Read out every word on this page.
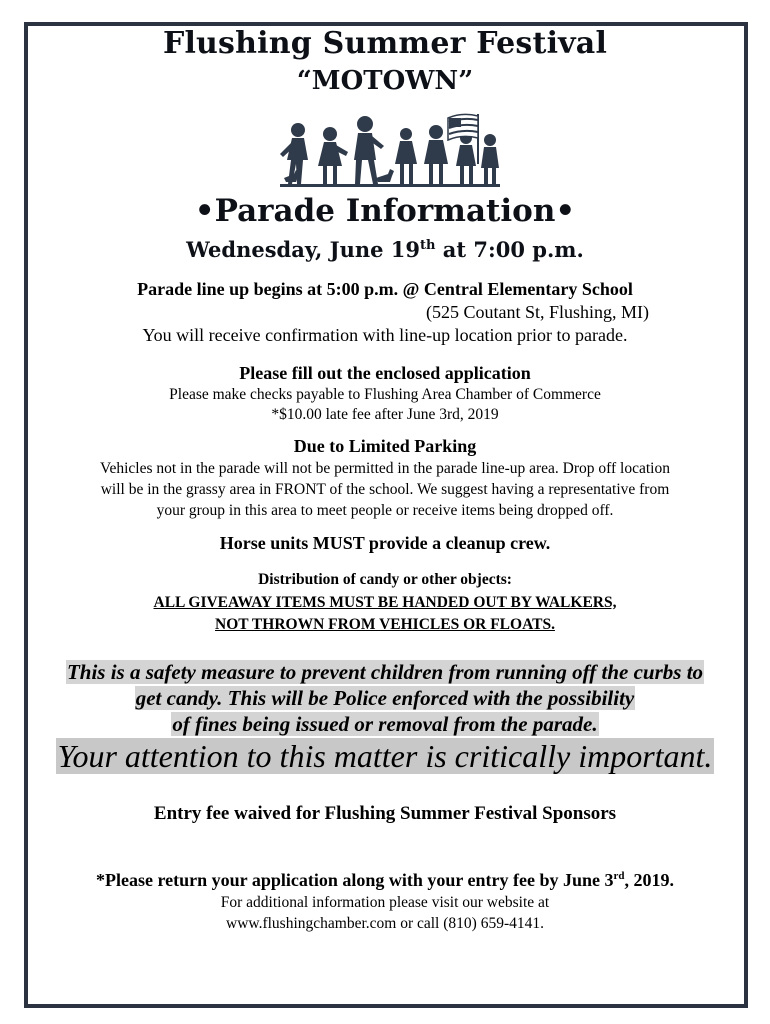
Flushing Summer Festival
“MOTOWN”
•Parade Information•
Wednesday, June 19th at 7:00 p.m.
Parade line up begins at 5:00 p.m. @ Central Elementary School
(525 Coutant St, Flushing, MI)
You will receive confirmation with line-up location prior to parade.
Please fill out the enclosed application
Please make checks payable to Flushing Area Chamber of Commerce
*$10.00 late fee after June 3rd, 2019
Due to Limited Parking
Vehicles not in the parade will not be permitted in the parade line-up area. Drop off location
will be in the grassy area in FRONT of the school. We suggest having a representative from
your group in this area to meet people or receive items being dropped off.
Horse units MUST provide a cleanup crew.
Distribution of candy or other objects:
ALL GIVEAWAY ITEMS MUST BE HANDED OUT BY WALKERS,
NOT THROWN FROM VEHICLES OR FLOATS.
This is a safety measure to prevent children from running off the curbs to
get candy. This will be Police enforced with the possibility
of fines being issued or removal from the parade.
Your attention to this matter is critically important.
Entry fee waived for Flushing Summer Festival Sponsors
*Please return your application along with your entry fee by June 3rd, 2019.
For additional information please visit our website at
www.flushingchamber.com or call (810) 659-4141.
